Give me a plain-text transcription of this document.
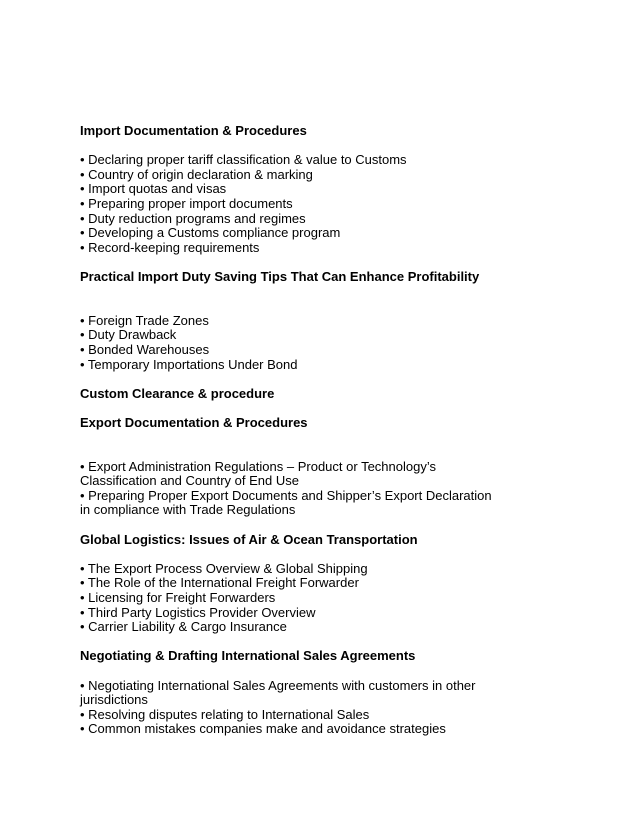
Import Documentation & Procedures

• Declaring proper tariff classification & value to Customs
• Country of origin declaration & marking
• Import quotas and visas
• Preparing proper import documents
• Duty reduction programs and regimes
• Developing a Customs compliance program
• Record-keeping requirements

Practical Import Duty Saving Tips That Can Enhance Profitability

• Foreign Trade Zones
• Duty Drawback
• Bonded Warehouses
• Temporary Importations Under Bond

Custom Clearance & procedure

Export Documentation & Procedures

• Export Administration Regulations – Product or Technology’s Classification and Country of End Use
• Preparing Proper Export Documents and Shipper’s Export Declaration in compliance with Trade Regulations

Global Logistics: Issues of Air & Ocean Transportation

• The Export Process Overview & Global Shipping
• The Role of the International Freight Forwarder
• Licensing for Freight Forwarders
• Third Party Logistics Provider Overview
• Carrier Liability & Cargo Insurance

Negotiating & Drafting International Sales Agreements

• Negotiating International Sales Agreements with customers in other jurisdictions
• Resolving disputes relating to International Sales
• Common mistakes companies make and avoidance strategies
